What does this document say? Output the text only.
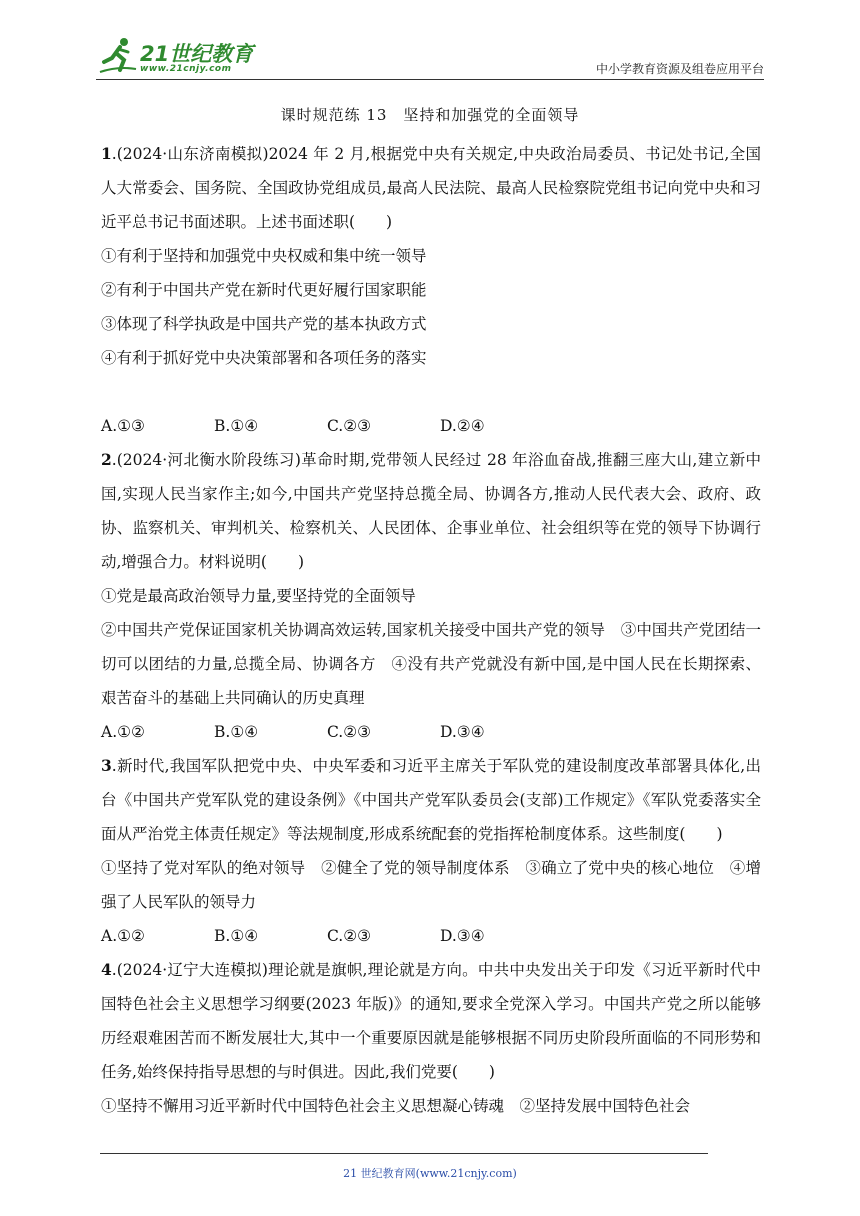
21世纪教育
www.21cnjy.com	中小学教育资源及组卷应用平台
课时规范练 13　坚持和加强党的全面领导

1.(2024·山东济南模拟)2024 年 2 月,根据党中央有关规定,中央政治局委员、书记处书记,全国人大常委会、国务院、全国政协党组成员,最高人民法院、最高人民检察院党组书记向党中央和习近平总书记书面述职。上述书面述职(　　)

①有利于坚持和加强党中央权威和集中统一领导

②有利于中国共产党在新时代更好履行国家职能

③体现了科学执政是中国共产党的基本执政方式

④有利于抓好党中央决策部署和各项任务的落实

A.①③	B.①④	C.②③	D.②④

2.(2024·河北衡水阶段练习)革命时期,党带领人民经过 28 年浴血奋战,推翻三座大山,建立新中国,实现人民当家作主;如今,中国共产党坚持总揽全局、协调各方,推动人民代表大会、政府、政协、监察机关、审判机关、检察机关、人民团体、企事业单位、社会组织等在党的领导下协调行动,增强合力。材料说明(　　)

①党是最高政治领导力量,要坚持党的全面领导

②中国共产党保证国家机关协调高效运转,国家机关接受中国共产党的领导　③中国共产党团结一切可以团结的力量,总揽全局、协调各方　④没有共产党就没有新中国,是中国人民在长期探索、艰苦奋斗的基础上共同确认的历史真理

A.①②	B.①④	C.②③	D.③④

3.新时代,我国军队把党中央、中央军委和习近平主席关于军队党的建设制度改革部署具体化,出台《中国共产党军队党的建设条例》《中国共产党军队委员会(支部)工作规定》《军队党委落实全面从严治党主体责任规定》等法规制度,形成系统配套的党指挥枪制度体系。这些制度(　　)

①坚持了党对军队的绝对领导　②健全了党的领导制度体系　③确立了党中央的核心地位　④增强了人民军队的领导力

A.①②	B.①④	C.②③	D.③④

4.(2024·辽宁大连模拟)理论就是旗帜,理论就是方向。中共中央发出关于印发《习近平新时代中国特色社会主义思想学习纲要(2023 年版)》的通知,要求全党深入学习。中国共产党之所以能够历经艰难困苦而不断发展壮大,其中一个重要原因就是能够根据不同历史阶段所面临的不同形势和任务,始终保持指导思想的与时俱进。因此,我们党要(　　)

①坚持不懈用习近平新时代中国特色社会主义思想凝心铸魂　②坚持发展中国特色社会

21 世纪教育网(www.21cnjy.com)
